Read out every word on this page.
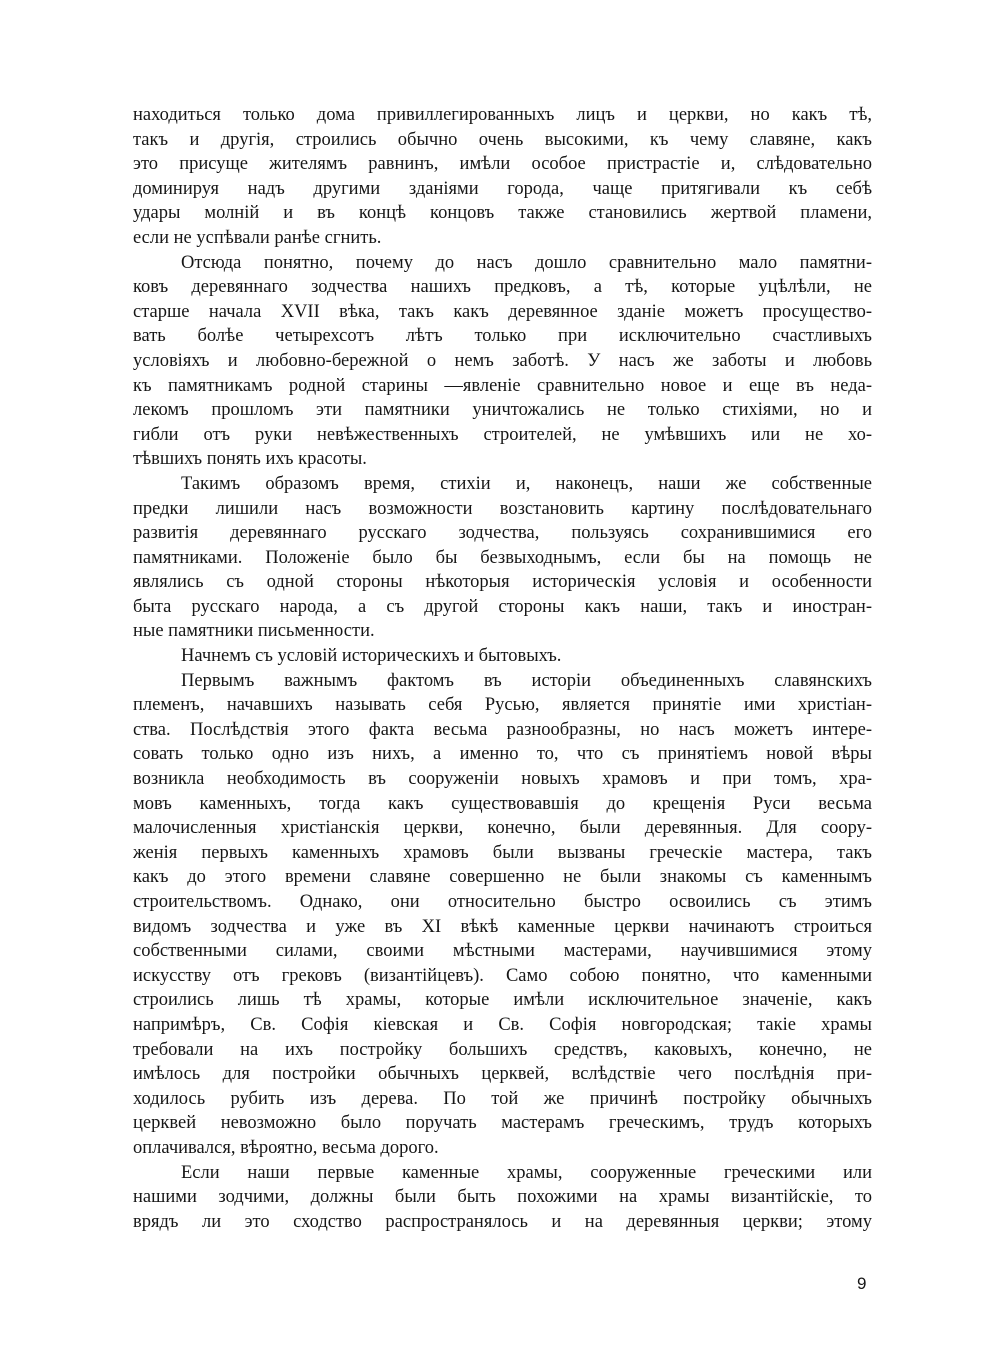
находиться только дома привиллегированныхъ лицъ и церкви, но какъ тѣ,
такъ и другія, строились обычно очень высокими, къ чему славяне, какъ
это присуще жителямъ равнинъ, имѣли особое пристрастіе и, слѣдовательно
доминируя надъ другими зданіями города, чаще притягивали къ себѣ
удары молній и въ концѣ концовъ также становились жертвой пламени,
если не успѣвали ранѣе сгнить.

Отсюда понятно, почему до насъ дошло сравнительно мало памятни-
ковъ деревяннаго зодчества нашихъ предковъ, а тѣ, которые уцѣлѣли, не
старше начала XVII вѣка, такъ какъ деревянное зданіе можетъ просущество-
вать болѣе четырехсотъ лѣтъ только при исключительно счастливыхъ
условіяхъ и любовно-бережной о немъ заботѣ. У насъ же заботы и любовь
къ памятникамъ родной старины —явленіе сравнительно новое и еще въ неда-
лекомъ прошломъ эти памятники уничтожались не только стихіями, но и
гибли отъ руки невѣжественныхъ строителей, не умѣвшихъ или не хо-
тѣвшихъ понять ихъ красоты.

Такимъ образомъ время, стихіи и, наконецъ, наши же собственные
предки лишили насъ возможности возстановить картину послѣдовательнаго
развитія деревяннаго русскаго зодчества, пользуясь сохранившимися его
памятниками. Положеніе было бы безвыходнымъ, если бы на помощь не
являлись съ одной стороны нѣкоторыя историческія условія и особенности
быта русскаго народа, а съ другой стороны какъ наши, такъ и иностран-
ные памятники письменности.

Начнемъ съ условій историческихъ и бытовыхъ.

Первымъ важнымъ фактомъ въ исторіи объединенныхъ славянскихъ
племенъ, начавшихъ называть себя Русью, является принятіе ими христіан-
ства. Послѣдствія этого факта весьма разнообразны, но насъ можетъ интере-
совать только одно изъ нихъ, а именно то, что съ принятіемъ новой вѣры
возникла необходимость въ сооруженіи новыхъ храмовъ и при томъ, хра-
мовъ каменныхъ, тогда какъ существовавшія до крещенія Руси весьма
малочисленныя христіанскія церкви, конечно, были деревянныя. Для соору-
женія первыхъ каменныхъ храмовъ были вызваны греческіе мастера, такъ
какъ до этого времени славяне совершенно не были знакомы съ каменнымъ
строительствомъ. Однако, они относительно быстро освоились съ этимъ
видомъ зодчества и уже въ XI вѣкѣ каменные церкви начинаютъ строиться
собственными силами, своими мѣстными мастерами, научившимися этому
искусству отъ грековъ (византійцевъ). Само собою понятно, что каменными
строились лишь тѣ храмы, которые имѣли исключительное значеніе, какъ
напримѣръ, Св. Софія кіевская и Св. Софія новгородская; такіе храмы
требовали на ихъ постройку большихъ средствъ, каковыхъ, конечно, не
имѣлось для постройки обычныхъ церквей, вслѣдствіе чего послѣднія при-
ходилось рубить изъ дерева. По той же причинѣ постройку обычныхъ
церквей невозможно было поручать мастерамъ греческимъ, трудъ которыхъ
оплачивался, вѣроятно, весьма дорого.

Если наши первые каменные храмы, сооруженные греческими или
нашими зодчими, должны были быть похожими на храмы византійскіе, то
врядъ ли это сходство распространялось и на деревянныя церкви; этому

9
